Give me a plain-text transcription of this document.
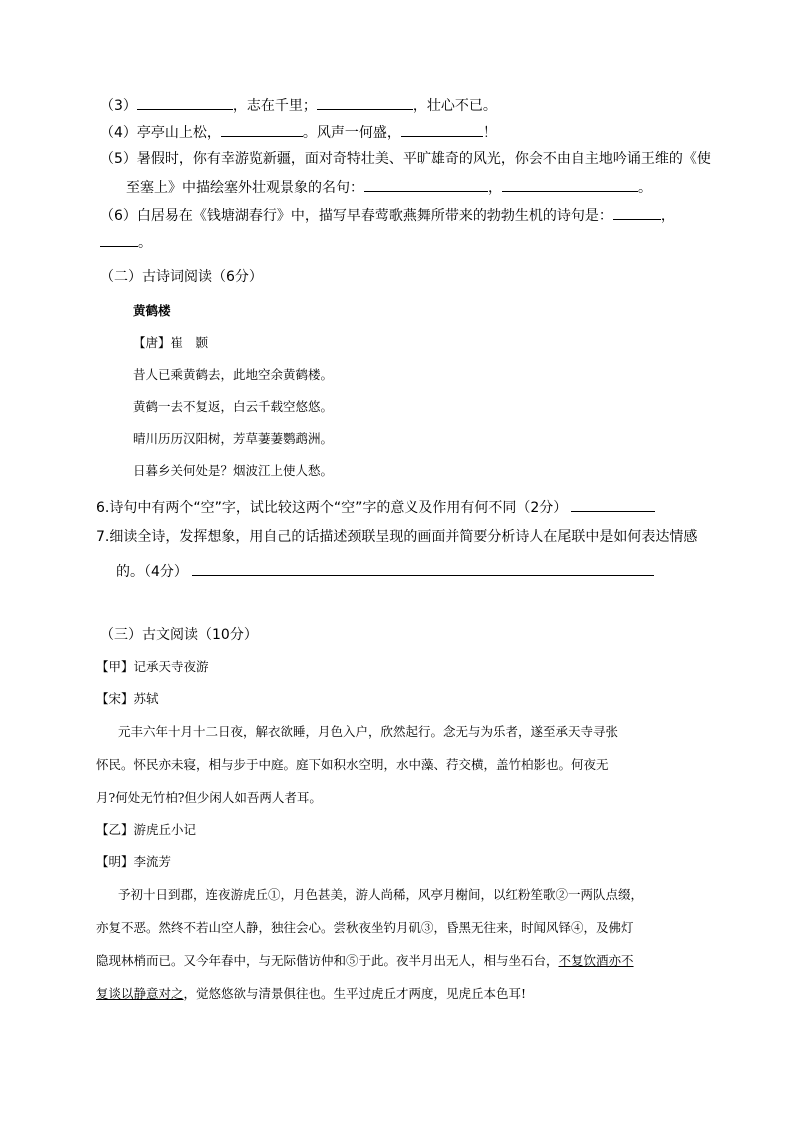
（3）	，志在千里；	，壮心不已。
（4）亭亭山上松，	。风声一何盛，	！
（5）暑假时，你有幸游览新疆，面对奇特壮美、平旷雄奇的风光，你会不由自主地吟诵王维的《使
至塞上》中描绘塞外壮观景象的名句：	，	。
（6）白居易在《钱塘湖春行》中，描写早春莺歌燕舞所带来的勃勃生机的诗句是：	，
。
（二）古诗词阅读（6分）
黄鹤楼
【唐】崔　颢
昔人已乘黄鹤去，此地空余黄鹤楼。
黄鹤一去不复返，白云千载空悠悠。
晴川历历汉阳树，芳草萋萋鹦鹉洲。
日暮乡关何处是？烟波江上使人愁。
6.诗句中有两个“空”字，试比较这两个“空”字的意义及作用有何不同（2分）
7.细读全诗，发挥想象，用自己的话描述颈联呈现的画面并简要分析诗人在尾联中是如何表达情感
的。（4分）
（三）古文阅读（10分）
【甲】记承天寺夜游
【宋】苏轼
元丰六年十月十二日夜，解衣欲睡，月色入户，欣然起行。念无与为乐者，遂至承天寺寻张
怀民。怀民亦未寝，相与步于中庭。庭下如积水空明，水中藻、荇交横，盖竹柏影也。何夜无
月?何处无竹柏?但少闲人如吾两人者耳。
【乙】游虎丘小记
【明】李流芳
予初十日到郡，连夜游虎丘①，月色甚美，游人尚稀，风亭月榭间，以红粉笙歌②一两队点缀，
亦复不恶。然终不若山空人静，独往会心。尝秋夜坐钓月矶③，昏黑无往来，时闻风铎④，及佛灯
隐现林梢而已。又今年春中，与无际偕访仲和⑤于此。夜半月出无人，相与坐石台，不复饮酒亦不
复谈以静意对之，觉悠悠欲与清景俱往也。生平过虎丘才两度，见虎丘本色耳!
